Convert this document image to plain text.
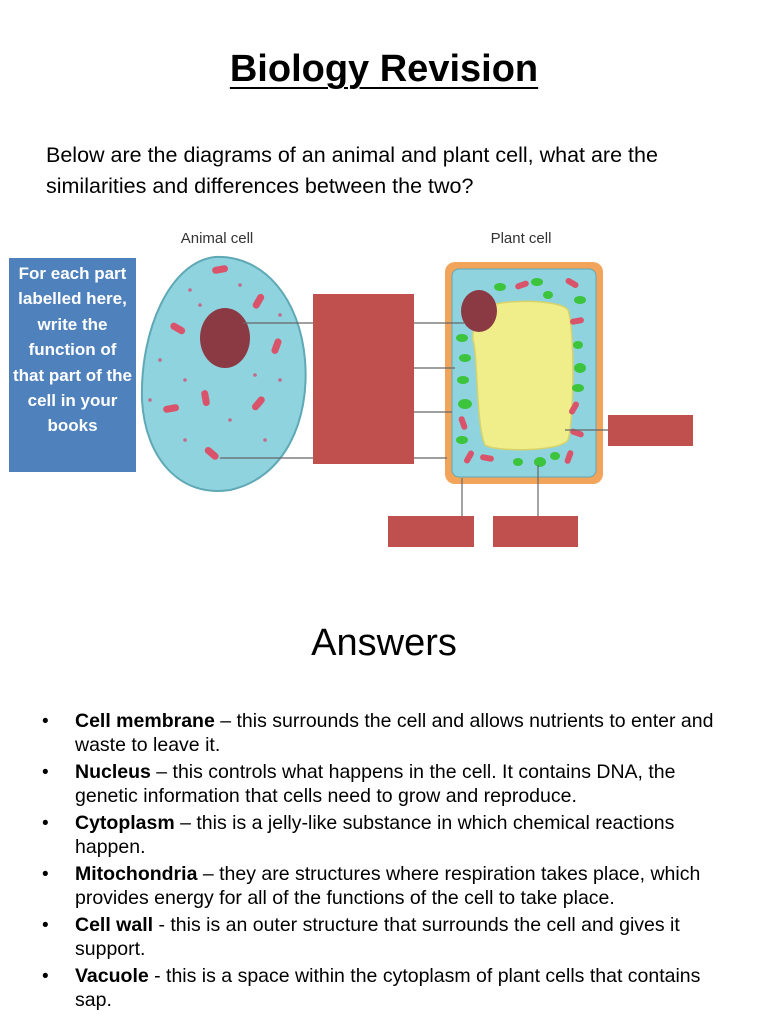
Biology Revision
Below are the diagrams of an animal and plant cell, what are the similarities and differences between the two?
Animal cell	Plant cell
For each part labelled here, write the function of that part of the cell in your books
Answers
• Cell membrane – this surrounds the cell and allows nutrients to enter and waste to leave it.
• Nucleus – this controls what happens in the cell. It contains DNA, the genetic information that cells need to grow and reproduce.
• Cytoplasm – this is a jelly-like substance in which chemical reactions happen.
• Mitochondria – they are structures where respiration takes place, which provides energy for all of the functions of the cell to take place.
• Cell wall - this is an outer structure that surrounds the cell and gives it support.
• Vacuole - this is a space within the cytoplasm of plant cells that contains sap.
